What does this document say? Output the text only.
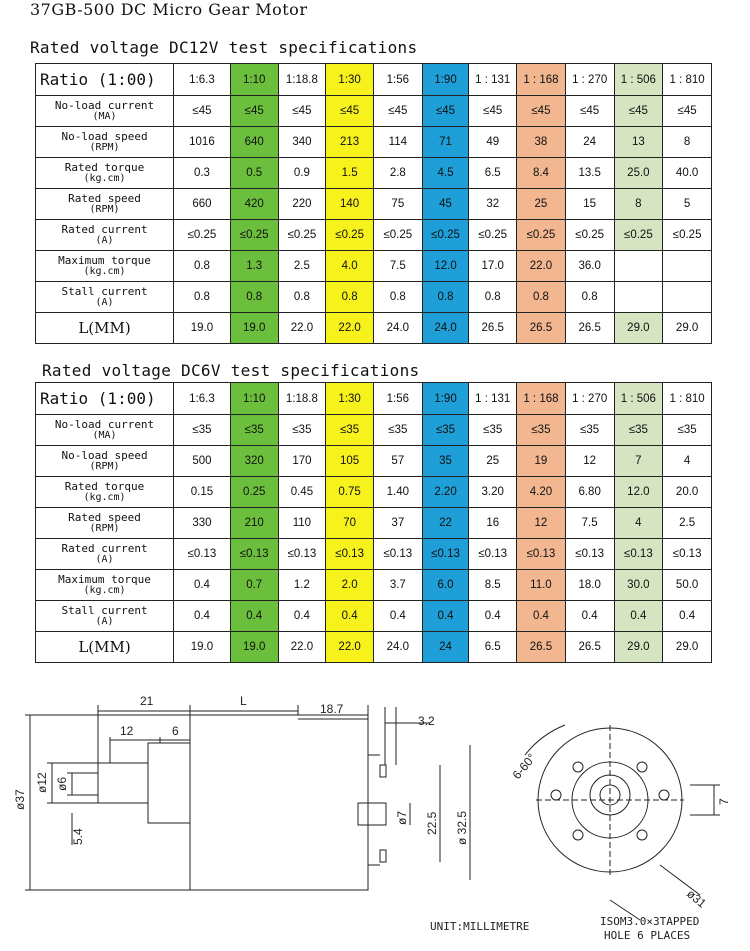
37GB-500 DC Micro Gear Motor
Rated voltage DC12V test specifications
Ratio (1:00)	1:6.3	1:10	1:18.8	1:30	1:56	1:90	1 : 131	1 : 168	1 : 270	1 : 506	1 : 810
No-load current
(MA)	≤45	≤45	≤45	≤45	≤45	≤45	≤45	≤45	≤45	≤45	≤45
No-load speed
(RPM)	1016	640	340	213	114	71	49	38	24	13	8
Rated torque
(kg.cm)	0.3	0.5	0.9	1.5	2.8	4.5	6.5	8.4	13.5	25.0	40.0
Rated speed
(RPM)	660	420	220	140	75	45	32	25	15	8	5
Rated current
(A)	≤0.25	≤0.25	≤0.25	≤0.25	≤0.25	≤0.25	≤0.25	≤0.25	≤0.25	≤0.25	≤0.25
Maximum torque
(kg.cm)	0.8	1.3	2.5	4.0	7.5	12.0	17.0	22.0	36.0		
Stall current
(A)	0.8	0.8	0.8	0.8	0.8	0.8	0.8	0.8	0.8		
L(MM)	19.0	19.0	22.0	22.0	24.0	24.0	26.5	26.5	26.5	29.0	29.0
Rated voltage DC6V test specifications
Ratio (1:00)	1:6.3	1:10	1:18.8	1:30	1:56	1:90	1 : 131	1 : 168	1 : 270	1 : 506	1 : 810
No-load current
(MA)	≤35	≤35	≤35	≤35	≤35	≤35	≤35	≤35	≤35	≤35	≤35
No-load speed
(RPM)	500	320	170	105	57	35	25	19	12	7	4
Rated torque
(kg.cm)	0.15	0.25	0.45	0.75	1.40	2.20	3.20	4.20	6.80	12.0	20.0
Rated speed
(RPM)	330	210	110	70	37	22	16	12	7.5	4	2.5
Rated current
(A)	≤0.13	≤0.13	≤0.13	≤0.13	≤0.13	≤0.13	≤0.13	≤0.13	≤0.13	≤0.13	≤0.13
Maximum torque
(kg.cm)	0.4	0.7	1.2	2.0	3.7	6.0	8.5	11.0	18.0	30.0	50.0
Stall current
(A)	0.4	0.4	0.4	0.4	0.4	0.4	0.4	0.4	0.4	0.4	0.4
L(MM)	19.0	19.0	22.0	22.0	24.0	24	6.5	26.5	26.5	29.0	29.0
21	L
12	6
18.7
3.2
ø37
ø12 ø6
5.4
ø7 22.5 ø 32.5
6-60°
7
ø31
UNIT:MILLIMETRE	ISOM3.0×3TAPPED
HOLE 6 PLACES
